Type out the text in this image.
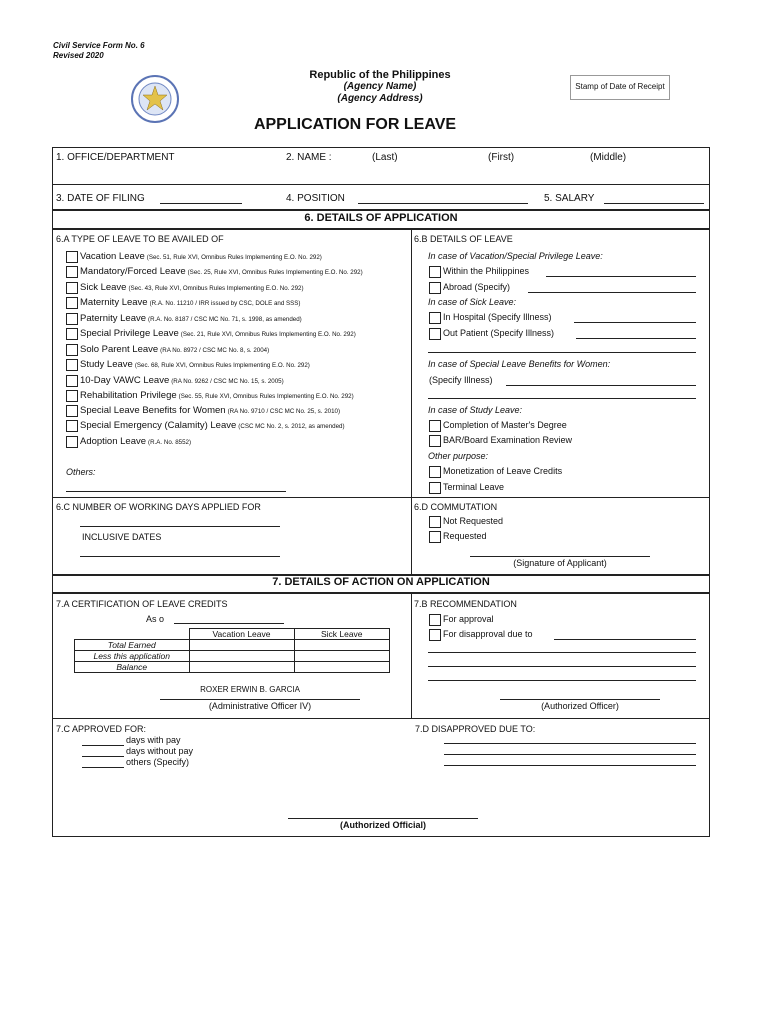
Civil Service Form No. 6
Revised 2020
Republic of the Philippines
(Agency Name)
(Agency Address)
Stamp of Date of Receipt
APPLICATION FOR LEAVE
1. OFFICE/DEPARTMENT	2. NAME :	(Last)	(First)	(Middle)
3. DATE OF FILING	4. POSITION	5. SALARY
6. DETAILS OF APPLICATION
6.A TYPE OF LEAVE TO BE AVAILED OF
Vacation Leave (Sec. 51, Rule XVI, Omnibus Rules Implementing E.O. No. 292)
Mandatory/Forced Leave (Sec. 25, Rule XVI, Omnibus Rules Implementing E.O. No. 292)
Sick Leave (Sec. 43, Rule XVI, Omnibus Rules Implementing E.O. No. 292)
Maternity Leave (R.A. No. 11210 / IRR issued by CSC, DOLE and SSS)
Paternity Leave (R.A. No. 8187 / CSC MC No. 71, s. 1998, as amended)
Special Privilege Leave (Sec. 21, Rule XVI, Omnibus Rules Implementing E.O. No. 292)
Solo Parent Leave (RA No. 8972 / CSC MC No. 8, s. 2004)
Study Leave (Sec. 68, Rule XVI, Omnibus Rules Implementing E.O. No. 292)
10-Day VAWC Leave (RA No. 9262 / CSC MC No. 15, s. 2005)
Rehabilitation Privilege (Sec. 55, Rule XVI, Omnibus Rules Implementing E.O. No. 292)
Special Leave Benefits for Women (RA No. 9710 / CSC MC No. 25, s. 2010)
Special Emergency (Calamity) Leave (CSC MC No. 2, s. 2012, as amended)
Adoption Leave (R.A. No. 8552)
Others:
6.B DETAILS OF LEAVE
In case of Vacation/Special Privilege Leave:
Within the Philippines
Abroad (Specify)
In case of Sick Leave:
In Hospital (Specify Illness)
Out Patient (Specify Illness)
In case of Special Leave Benefits for Women:
(Specify Illness)
In case of Study Leave:
Completion of Master's Degree
BAR/Board Examination Review
Other purpose:
Monetization of Leave Credits
Terminal Leave
6.C NUMBER OF WORKING DAYS APPLIED FOR
INCLUSIVE DATES
6.D COMMUTATION
Not Requested
Requested
(Signature of Applicant)
7. DETAILS OF ACTION ON APPLICATION
7.A CERTIFICATION OF LEAVE CREDITS
As o
	Vacation Leave	Sick Leave
Total Earned		
Less this application		
Balance		
ROXER ERWIN B. GARCIA
(Administrative Officer IV)
7.B RECOMMENDATION
For approval
For disapproval due to
(Authorized Officer)
7.C APPROVED FOR:
days with pay
days without pay
others (Specify)
7.D DISAPPROVED DUE TO:
(Authorized Official)
